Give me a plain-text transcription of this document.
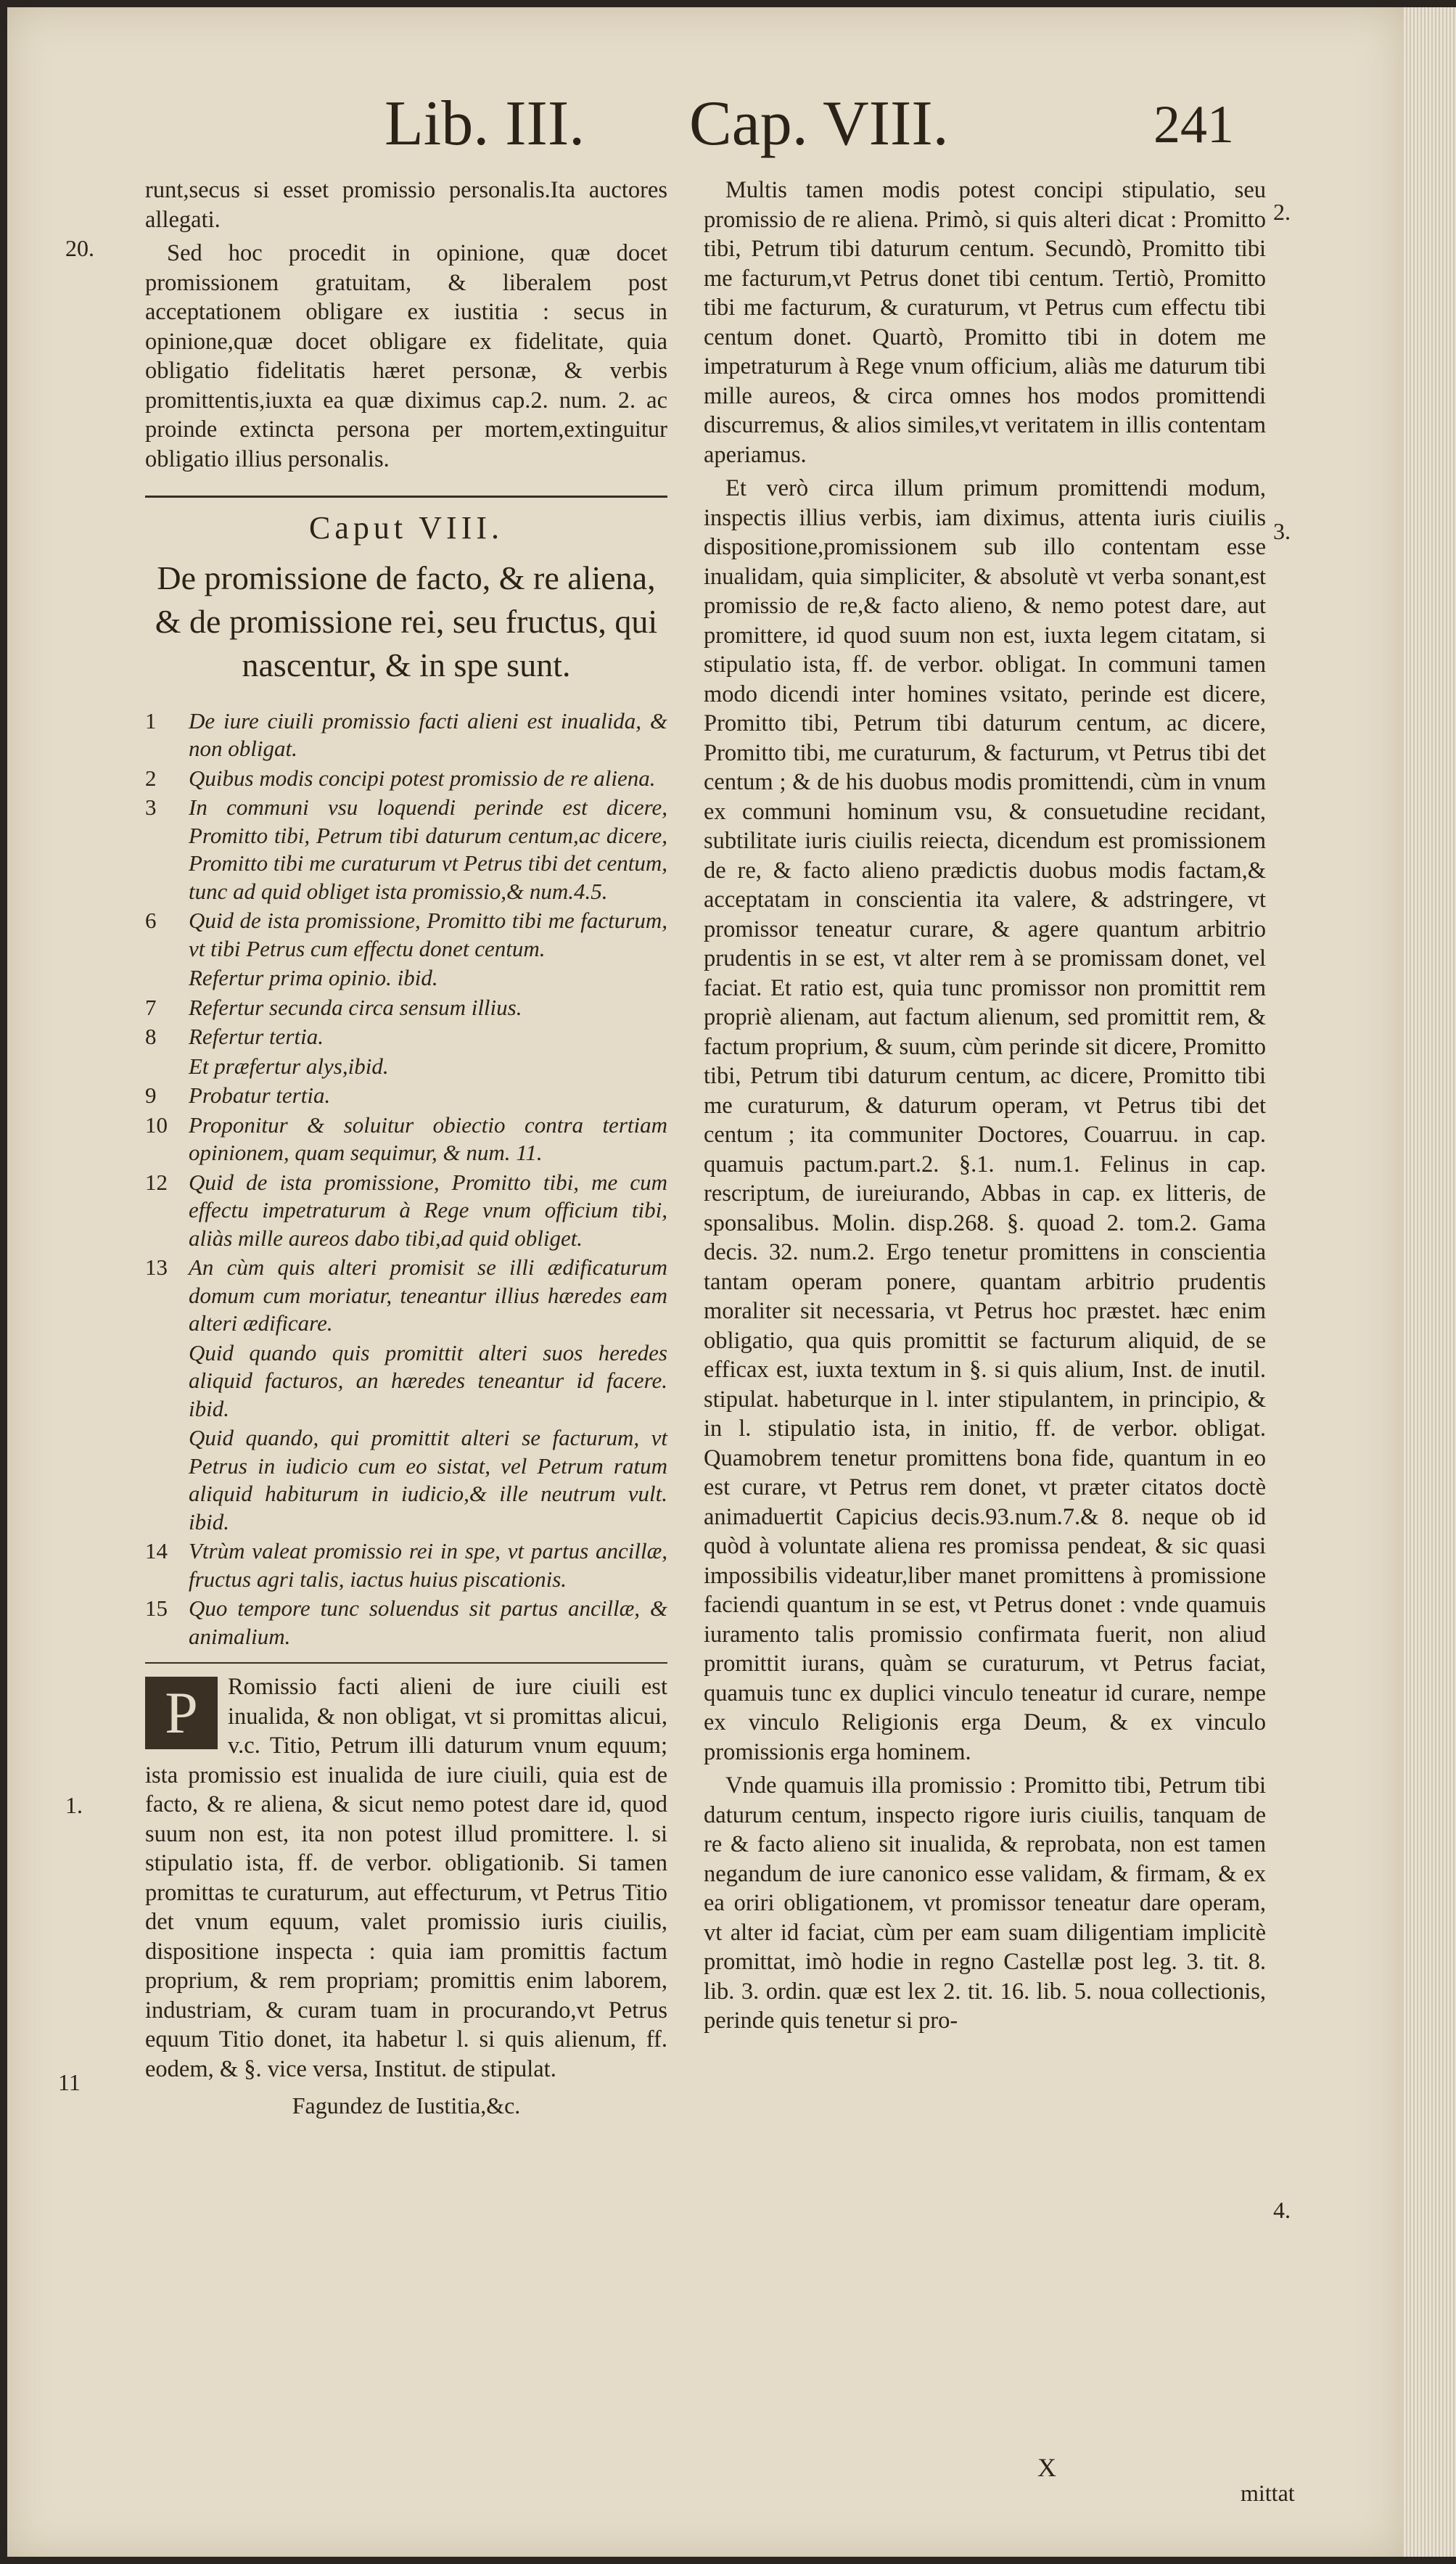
Lib. III. Cap. VIII.	241

runt,secus si esset promissio personalis.Ita auctores allegati.

Sed hoc procedit in opinione, quæ docet promissionem gratuitam, & liberalem post acceptationem obligare ex iustitia : secus in opinione,quæ docet obligare ex fidelitate, quia obligatio fidelitatis hæret personæ, & verbis promittentis,iuxta ea quæ diximus cap.2. num. 2. ac proinde extincta persona per mortem,extinguitur obligatio illius personalis.

Caput VIII.
De promissione de facto, & re aliena, & de promissione rei, seu fructus, qui nascentur, & in spe sunt.
1	De iure ciuili promissio facti alieni est inualida, & non obligat.
2	Quibus modis concipi potest promissio de re aliena.
3	In communi vsu loquendi perinde est dicere, Promitto tibi, Petrum tibi daturum centum,ac dicere, Promitto tibi me curaturum vt Petrus tibi det centum, tunc ad quid obliget ista promissio,& num.4.5.
6	Quid de ista promissione, Promitto tibi me facturum, vt tibi Petrus cum effectu donet centum.
Refertur prima opinio. ibid.
7	Refertur secunda circa sensum illius.
8	Refertur tertia.
Et præfertur alys,ibid.
9	Probatur tertia.
10 Proponitur & soluitur obiectio contra tertiam opinionem, quam sequimur, & num. 11.
12 Quid de ista promissione, Promitto tibi, me cum effectu impetraturum à Rege vnum officium tibi, aliàs mille aureos dabo tibi,ad quid obliget.
13 An cùm quis alteri promisit se illi ædificaturum domum cum moriatur, teneantur illius hæredes eam alteri ædificare.
Quid quando quis promittit alteri suos heredes aliquid facturos, an hæredes teneantur id facere. ibid.
Quid quando, qui promittit alteri se facturum, vt Petrus in iudicio cum eo sistat, vel Petrum ratum aliquid habiturum in iudicio,& ille neutrum vult. ibid.
14 Vtrùm valeat promissio rei in spe, vt partus ancillæ, fructus agri talis, iactus huius piscationis.
15 Quo tempore tunc soluendus sit partus ancillæ, & animalium.

P	Romissio facti alieni de iure ciuili est inualida, & non obligat, vt si promittas alicui, v.c. Titio, Petrum illi daturum vnum equum; ista promissio est inualida de iure ciuili, quia est de facto, & re aliena, & sicut nemo potest dare id, quod suum non est, ita non potest illud promittere. l. si stipulatio ista, ff. de verbor. obligationib. Si tamen promittas te curaturum, aut effecturum, vt Petrus Titio det vnum equum, valet promissio iuris ciuilis, dispositione inspecta : quia iam promittis factum proprium, & rem propriam; promittis enim laborem, industriam, & curam tuam in procurando,vt Petrus equum Titio donet, ita habetur l. si quis alienum, ff. eodem, & §. vice versa, Institut. de stipulat.

Fagundez de Iustitia,&c.

Multis tamen modis potest concipi stipulatio, seu promissio de re aliena. Primò, si quis alteri dicat : Promitto tibi, Petrum tibi daturum centum. Secundò, Promitto tibi me facturum,vt Petrus donet tibi centum. Tertiò, Promitto tibi me facturum, & curaturum, vt Petrus cum effectu tibi centum donet. Quartò, Promitto tibi in dotem me impetraturum à Rege vnum officium, aliàs me daturum tibi mille aureos, & circa omnes hos modos promittendi discurremus, & alios similes,vt veritatem in illis contentam aperiamus.

Et verò circa illum primum promittendi modum, inspectis illius verbis, iam diximus, attenta iuris ciuilis dispositione,promissionem sub illo contentam esse inualidam, quia simpliciter, & absolutè vt verba sonant,est promissio de re,& facto alieno, & nemo potest dare, aut promittere, id quod suum non est, iuxta legem citatam, si stipulatio ista, ff. de verbor. obligat. In communi tamen modo dicendi inter homines vsitato, perinde est dicere, Promitto tibi, Petrum tibi daturum centum, ac dicere, Promitto tibi, me curaturum, & facturum, vt Petrus tibi det centum ; & de his duobus modis promittendi, cùm in vnum ex communi hominum vsu, & consuetudine recidant, subtilitate iuris ciuilis reiecta, dicendum est promissionem de re, & facto alieno prædictis duobus modis factam,& acceptatam in conscientia ita valere, & adstringere, vt promissor teneatur curare, & agere quantum arbitrio prudentis in se est, vt alter rem à se promissam donet, vel faciat. Et ratio est, quia tunc promissor non promittit rem propriè alienam, aut factum alienum, sed promittit rem, & factum proprium, & suum, cùm perinde sit dicere, Promitto tibi, Petrum tibi daturum centum, ac dicere, Promitto tibi me curaturum, & daturum operam, vt Petrus tibi det centum ; ita communiter Doctores, Couarruu. in cap. quamuis pactum.part.2. §.1. num.1. Felinus in cap. rescriptum, de iureiurando, Abbas in cap. ex litteris, de sponsalibus. Molin. disp.268. §. quoad 2. tom.2. Gama decis. 32. num.2. Ergo tenetur promittens in conscientia tantam operam ponere, quantam arbitrio prudentis moraliter sit necessaria, vt Petrus hoc præstet. hæc enim obligatio, qua quis promittit se facturum aliquid, de se efficax est, iuxta textum in §. si quis alium, Inst. de inutil. stipulat. habeturque in l. inter stipulantem, in principio, & in l. stipulatio ista, in initio, ff. de verbor. obligat. Quamobrem tenetur promittens bona fide, quantum in eo est curare, vt Petrus rem donet, vt præter citatos doctè animaduertit Capicius decis.93.num.7.& 8. neque ob id quòd à voluntate aliena res promissa pendeat, & sic quasi impossibilis videatur,liber manet promittens à promissione faciendi quantum in se est, vt Petrus donet : vnde quamuis iuramento talis promissio confirmata fuerit, non aliud promittit iurans, quàm se curaturum, vt Petrus faciat, quamuis tunc ex duplici vinculo teneatur id curare, nempe ex vinculo Religionis erga Deum, & ex vinculo promissionis erga hominem.

Vnde quamuis illa promissio : Promitto tibi, Petrum tibi daturum centum, inspecto rigore iuris ciuilis, tanquam de re & facto alieno sit inualida, & reprobata, non est tamen negandum de iure canonico esse validam, & firmam, & ex ea oriri obligationem, vt promissor teneatur dare operam, vt alter id faciat, cùm per eam suam diligentiam implicitè promittat, imò hodie in regno Castellæ post leg. 3. tit. 8. lib. 3. ordin. quæ est lex 2. tit. 16. lib. 5. noua collectionis, perinde quis tenetur si pro-

20.
1.
11
2.
3.
4.
X
mittat
